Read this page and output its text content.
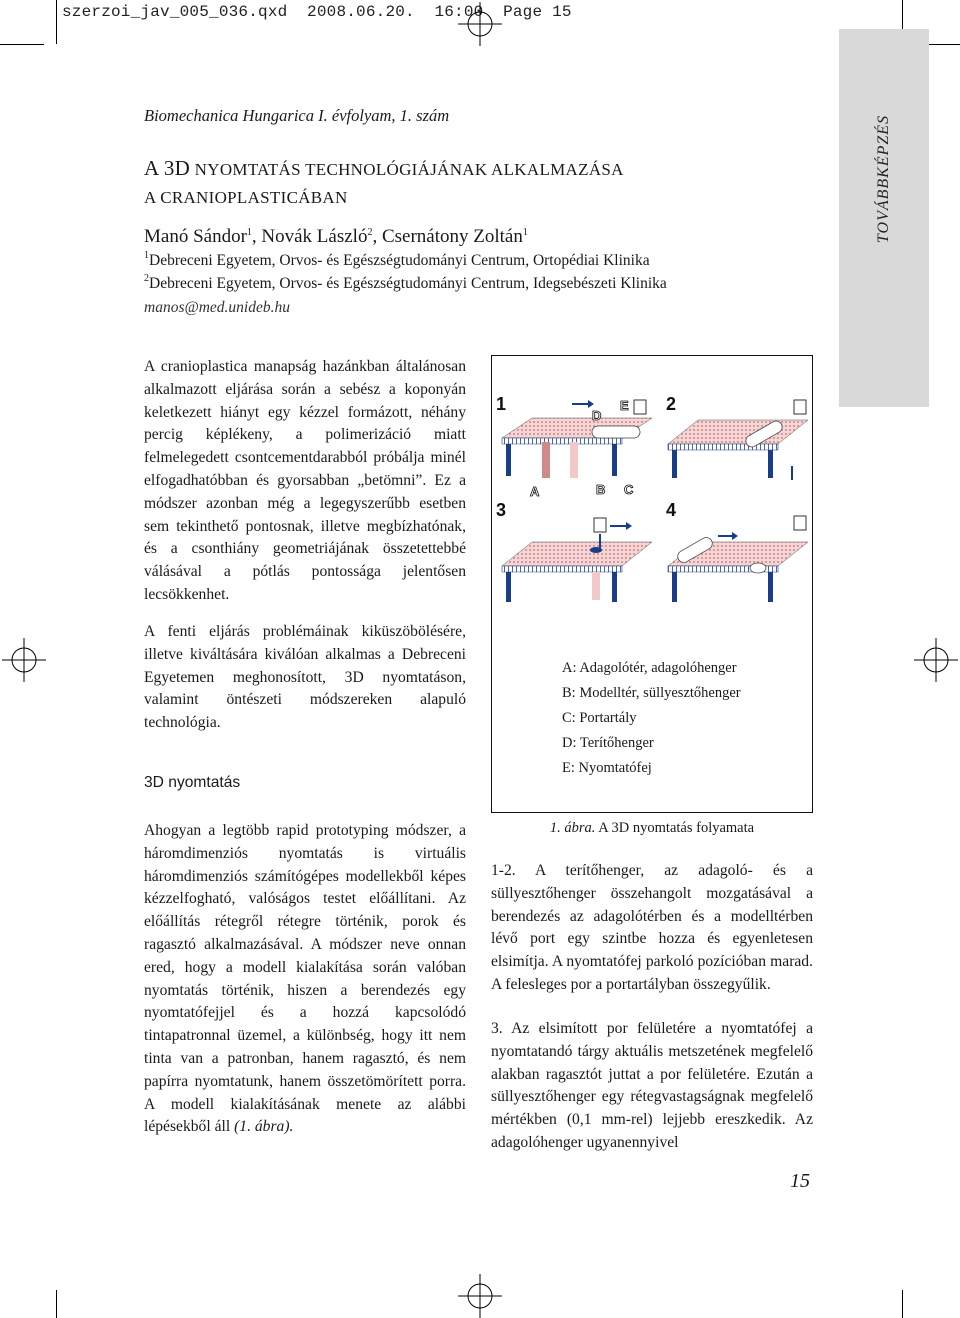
szerzoi_jav_005_036.qxd  2008.06.20.  16:00  Page 15
TOVÁBBKÉPZÉS
Biomechanica Hungarica I. évfolyam, 1. szám
A 3D NYOMTATÁS TECHNOLÓGIÁJÁNAK ALKALMAZÁSA
A CRANIOPLASTICÁBAN
Manó Sándor$^1$, Novák László$^2$, Csernátony Zoltán$^1$
$^1$Debreceni Egyetem, Orvos- és Egészségtudományi Centrum, Ortopédiai Klinika
$^2$Debreceni Egyetem, Orvos- és Egészségtudományi Centrum, Idegsebészeti Klinika
manos@med.unideb.hu

A cranioplastica manapság hazánkban általánosan alkalmazott eljárása során a sebész a koponyán keletkezett hiányt egy kézzel formázott, néhány percig képlékeny, a polimerizáció miatt felmelegedett csontcementdarabból próbálja minél elfogadhatóbban és gyorsabban „betömni”. Ez a módszer azonban még a legegyszerűbb esetben sem tekinthető pontosnak, illetve megbízhatónak, és a csonthiány geometriájának összetettebbé válásával a pótlás pontossága jelentősen lecsökkenhet.

A fenti eljárás problémáinak kiküszöbölésére, illetve kiváltására kiválóan alkalmas a Debreceni Egyetemen meghonosított, 3D nyomtatáson, valamint öntészeti módszereken alapuló technológia.

3D nyomtatás

Ahogyan a legtöbb rapid prototyping módszer, a háromdimenziós nyomtatás is virtuális háromdimenziós számítógépes modellekből képes kézzelfogható, valóságos testet előállítani. Az előállítás rétegről rétegre történik, porok és ragasztó alkalmazásával. A módszer neve onnan ered, hogy a modell kialakítása során valóban nyomtatás történik, hiszen a berendezés egy nyomtatófejjel és a hozzá kapcsolódó tintapatronnal üzemel, a különbség, hogy itt nem tinta van a patronban, hanem ragasztó, és nem papírra nyomtatunk, hanem összetömörített porra. A modell kialakításának menete az alábbi lépésekből áll (1. ábra).

1
D
E
A	B C
2
3	4
A: Adagolótér, adagolóhenger
B: Modelltér, süllyesztőhenger
C: Portartály
D: Terítőhenger
E: Nyomtatófej
1. ábra. A 3D nyomtatás folyamata

1-2. A terítőhenger, az adagoló- és a süllyesztőhenger összehangolt mozgatásával a berendezés az adagolótérben és a modelltérben lévő port egy szintbe hozza és egyenletesen elsimítja. A nyomtatófej parkoló pozícióban marad. A felesleges por a portartályban összegyűlik.

3. Az elsimított por felületére a nyomtatófej a nyomtatandó tárgy aktuális metszetének megfelelő alakban ragasztót juttat a por felületére. Ezután a süllyesztőhenger egy rétegvastagságnak megfelelő mértékben (0,1 mm-rel) lejjebb ereszkedik. Az adagolóhenger ugyanennyivel

15
